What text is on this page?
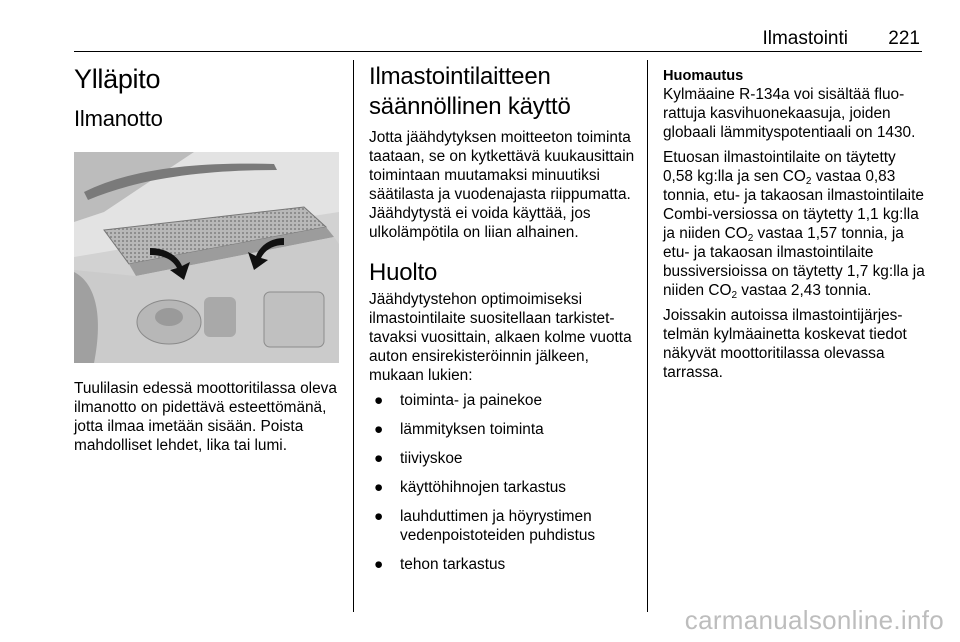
Ilmastointi 221
Ylläpito
Ilmanotto

Tuulilasin edessä moottoritilassa oleva ilmanotto on pidettävä esteettömänä, jotta ilmaa imetään sisään. Poista mahdolliset lehdet, lika tai lumi.

Ilmastointilaitteen säännöllinen käyttö

Jotta jäähdytyksen moitteeton toiminta taataan, se on kytkettävä kuukausittain toimintaan muutamaksi minuutiksi säätilasta ja vuodenajasta riippumatta. Jäähdytystä ei voida käyttää, jos ulkolämpötila on liian alhainen.

Huolto

Jäähdytystehon optimoimiseksi ilmastointilaite suositellaan tarkistettavaksi vuosittain, alkaen kolme vuotta auton ensirekisteröinnin jälkeen, mukaan lukien:

● toiminta- ja painekoe
● lämmityksen toiminta
● tiiviyskoe
● käyttöhihnojen tarkastus
● lauhduttimen ja höyrystimen vedenpoistoteiden puhdistus
● tehon tarkastus
Huomautus

Kylmäaine R-134a voi sisältää fluorattuja kasvihuonekaasuja, joiden globaali lämmityspotentiaali on 1430.

Etuosan ilmastointilaite on täytetty 0,58 kg:lla ja sen $CO_2$ vastaa 0,83 tonnia, etu- ja takaosan ilmastointilaite Combi-versiossa on täytetty 1,1 kg:lla ja niiden $CO_2$ vastaa 1,57 tonnia, ja etu- ja takaosan ilmastointilaite bussiversioissa on täytetty 1,7 kg:lla ja niiden $CO_2$ vastaa 2,43 tonnia.

Joissakin autoissa ilmastointijärjestelmän kylmäainetta koskevat tiedot näkyvät moottoritilassa olevassa tarrassa.

carmanualsonline.info
